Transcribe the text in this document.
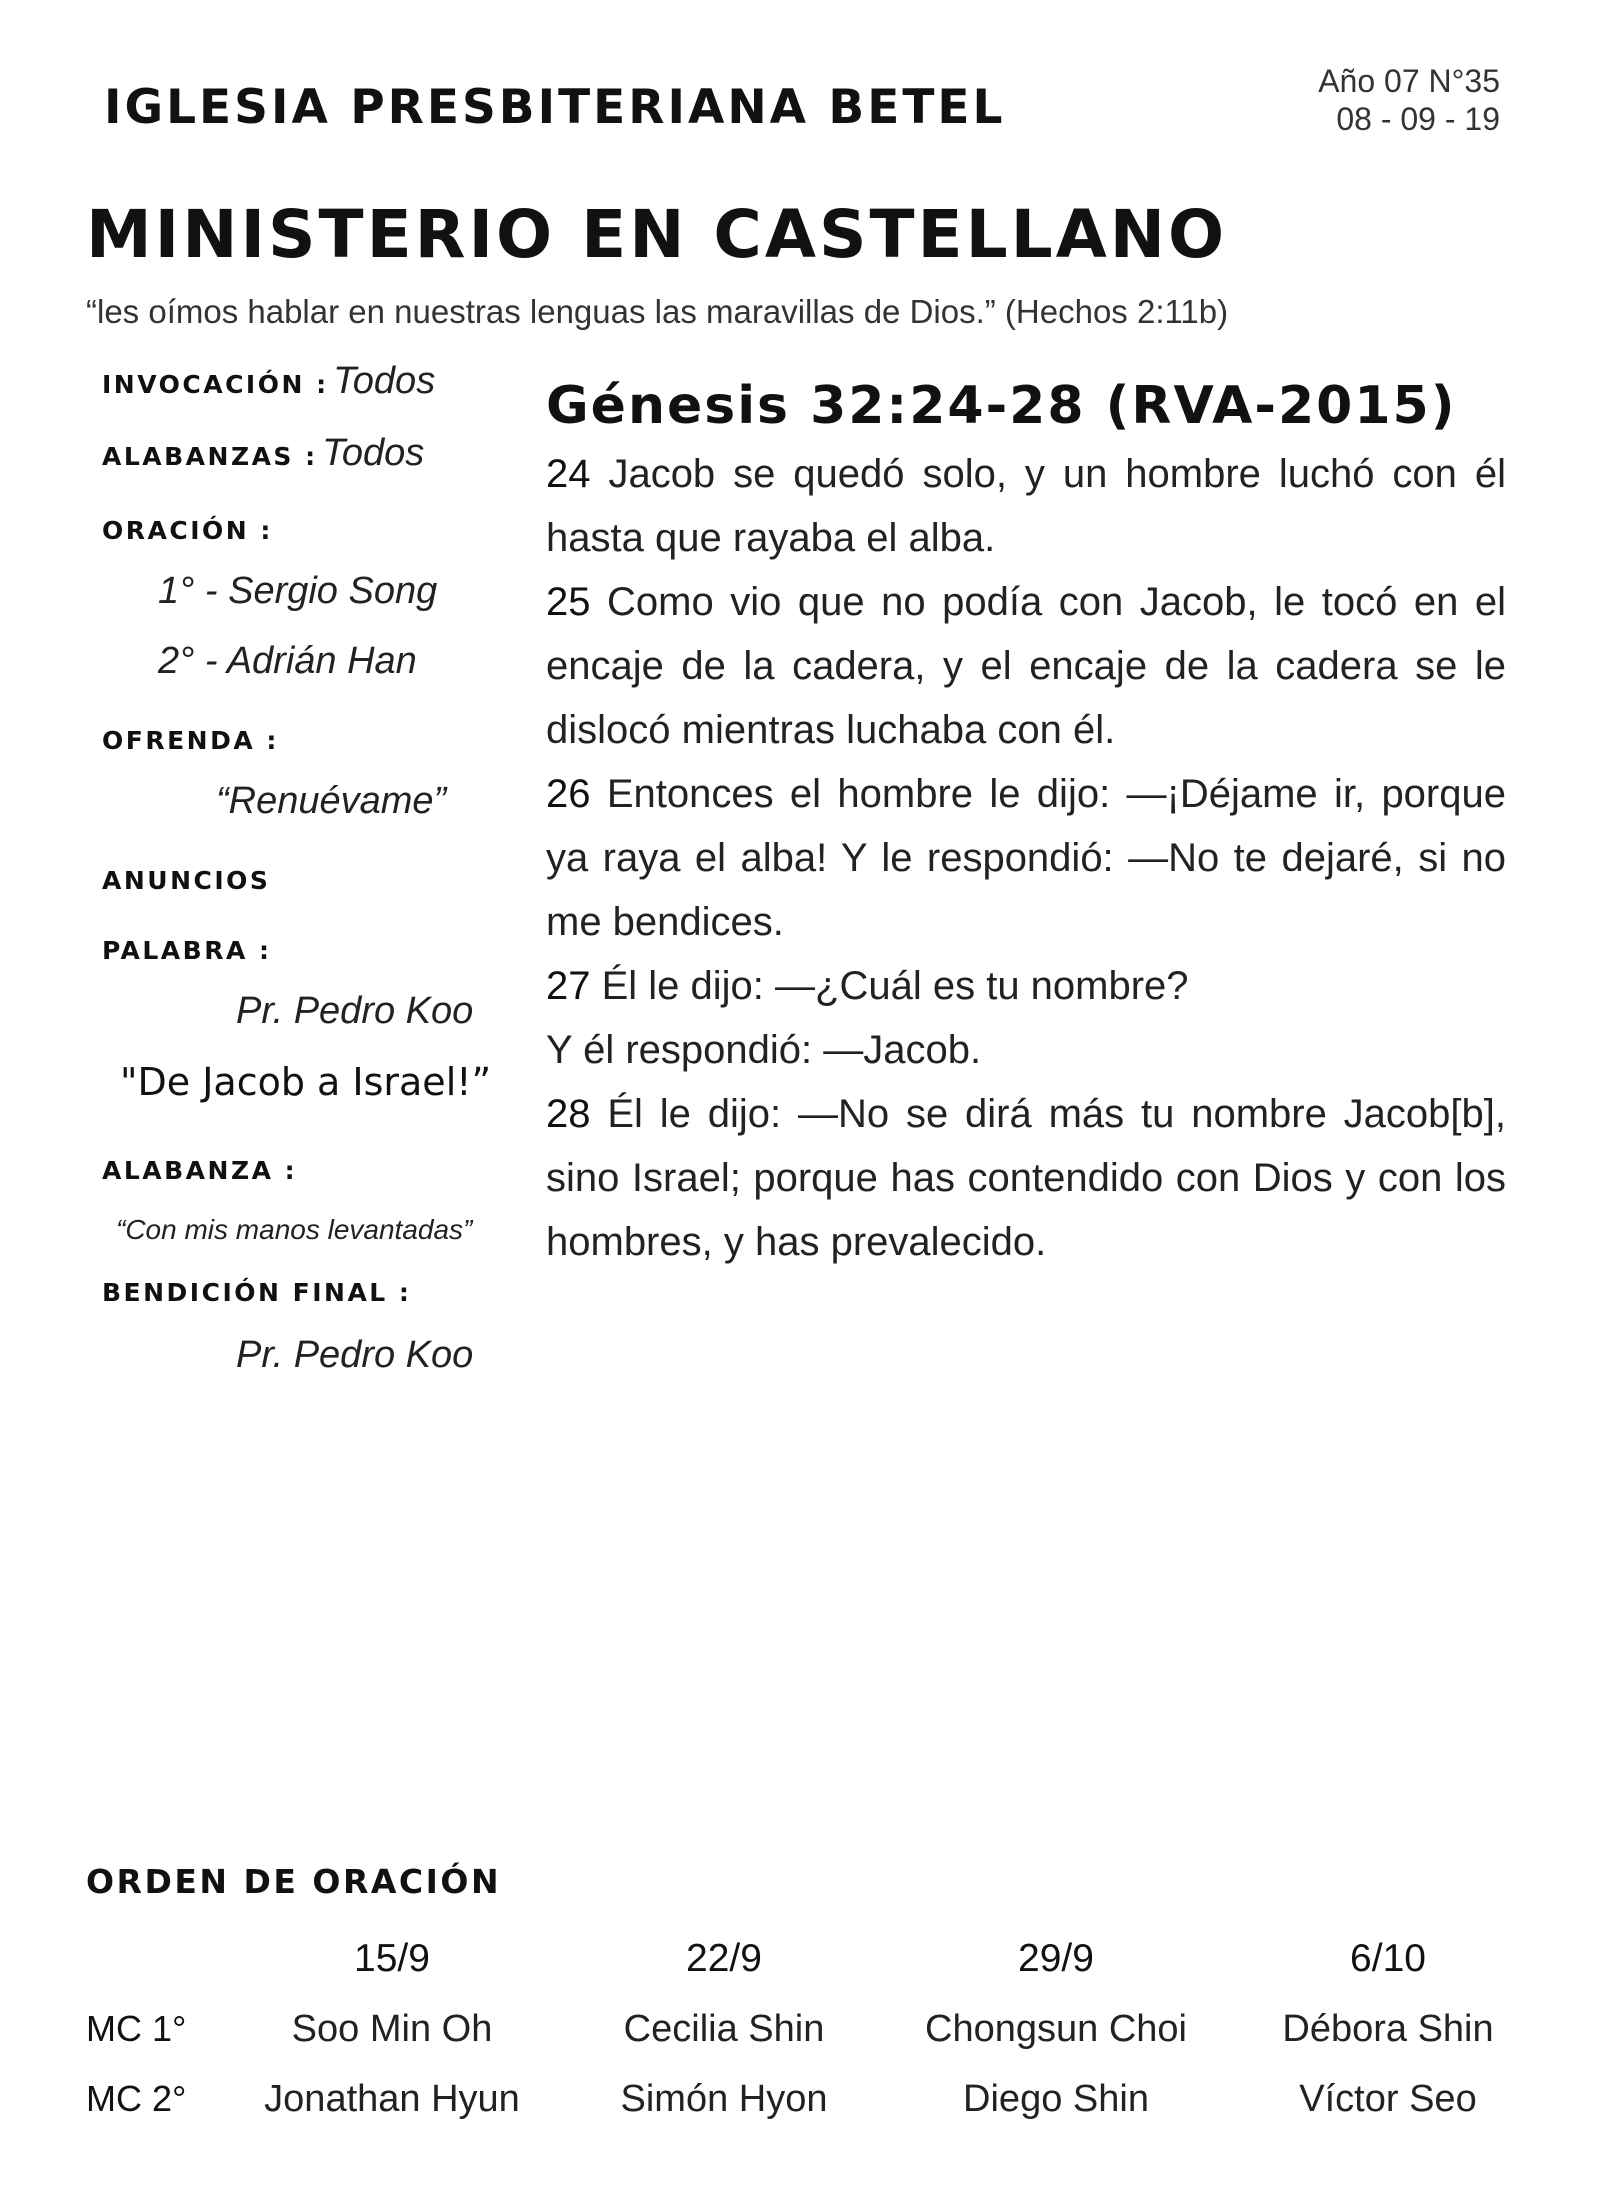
IGLESIA PRESBITERIANA BETEL	Año 07 N°35
08 - 09 - 19
MINISTERIO EN CASTELLANO
“les oímos hablar en nuestras lenguas las maravillas de Dios.” (Hechos 2:11b)
INVOCACIÓN : Todos
ALABANZAS : Todos
ORACIÓN :
1° - Sergio Song
2° - Adrián Han
OFRENDA :
“Renuévame”
ANUNCIOS
PALABRA :
Pr. Pedro Koo
"De Jacob a Israel!”
ALABANZA :
“Con mis manos levantadas”
BENDICIÓN FINAL :
Pr. Pedro Koo
Génesis 32:24-28 (RVA-2015)

24 Jacob se quedó solo, y un hombre luchó con él hasta que rayaba el alba.

25 Como vio que no podía con Jacob, le tocó en el encaje de la cadera, y el encaje de la cadera se le dislocó mientras luchaba con él.

26 Entonces el hombre le dijo: —¡Déjame ir, porque ya raya el alba! Y le respondió: —No te dejaré, si no me bendices.

27 Él le dijo: —¿Cuál es tu nombre?

Y él respondió: —Jacob.

28 Él le dijo: —No se dirá más tu nombre Jacob[b], sino Israel; porque has contendido con Dios y con los hombres, y has prevalecido.

ORDEN DE ORACIÓN
	15/9	22/9	29/9	6/10
MC 1°	Soo Min Oh	Cecilia Shin	Chongsun Choi	Débora Shin
MC 2°	Jonathan Hyun	Simón Hyon	Diego Shin	Víctor Seo
